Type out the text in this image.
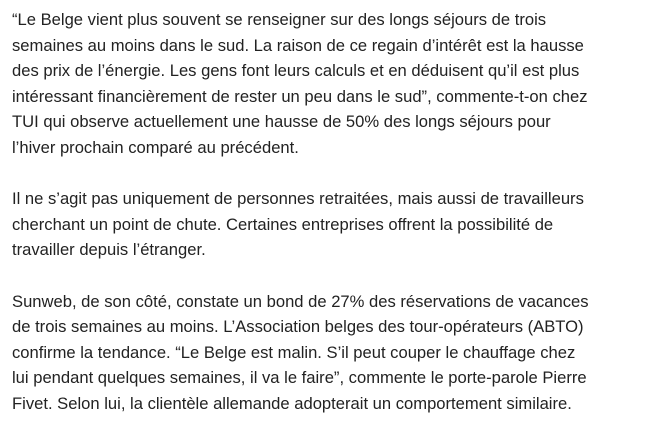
“Le Belge vient plus souvent se renseigner sur des longs séjours de trois
semaines au moins dans le sud. La raison de ce regain d’intérêt est la hausse
des prix de l’énergie. Les gens font leurs calculs et en déduisent qu’il est plus
intéressant financièrement de rester un peu dans le sud”, commente-t-on chez
TUI qui observe actuellement une hausse de 50% des longs séjours pour
l’hiver prochain comparé au précédent.

Il ne s’agit pas uniquement de personnes retraitées, mais aussi de travailleurs
cherchant un point de chute. Certaines entreprises offrent la possibilité de
travailler depuis l’étranger.

Sunweb, de son côté, constate un bond de 27% des réservations de vacances
de trois semaines au moins. L’Association belges des tour-opérateurs (ABTO)
confirme la tendance. “Le Belge est malin. S’il peut couper le chauffage chez
lui pendant quelques semaines, il va le faire”, commente le porte-parole Pierre
Fivet. Selon lui, la clientèle allemande adopterait un comportement similaire.
